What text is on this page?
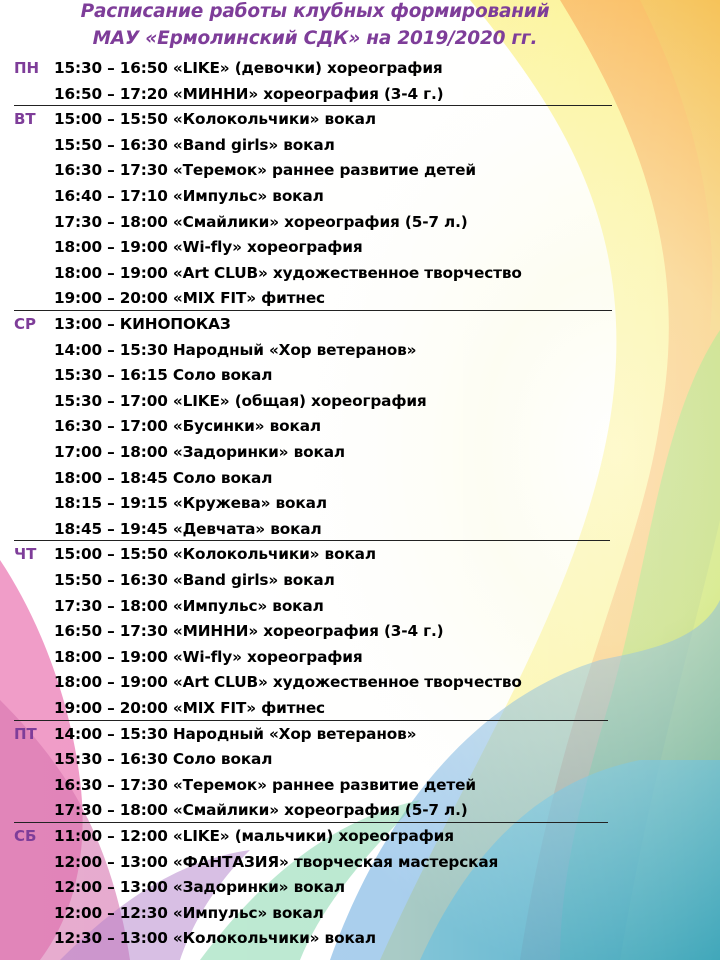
Расписание работы клубных формирований
МАУ «Ермолинский СДК» на 2019/2020 гг.
ПН 15:30 – 16:50 «LIKE» (девочки) хореография
16:50 – 17:20 «МИННИ» хореография (3-4 г.)
ВТ	15:00 – 15:50 «Колокольчики» вокал
15:50 – 16:30 «Band girls» вокал
16:30 – 17:30 «Теремок» раннее развитие детей
16:40 – 17:10 «Импульс» вокал
17:30 – 18:00 «Смайлики» хореография (5-7 л.)
18:00 – 19:00 «Wi-fly» хореография
18:00 – 19:00 «Art CLUB» художественное творчество
19:00 – 20:00 «MIX FIT» фитнес
СР	13:00 – КИНОПОКАЗ
14:00 – 15:30 Народный «Хор ветеранов»
15:30 – 16:15 Соло вокал
15:30 – 17:00 «LIKE» (общая) хореография
16:30 – 17:00 «Бусинки» вокал
17:00 – 18:00 «Задоринки» вокал
18:00 – 18:45 Соло вокал
18:15 – 19:15 «Кружева» вокал
18:45 – 19:45 «Девчата» вокал
ЧТ	15:00 – 15:50 «Колокольчики» вокал
15:50 – 16:30 «Band girls» вокал
17:30 – 18:00 «Импульс» вокал
16:50 – 17:30 «МИННИ» хореография (3-4 г.)
18:00 – 19:00 «Wi-fly» хореография
18:00 – 19:00 «Art CLUB» художественное творчество
19:00 – 20:00 «MIX FIT» фитнес
ПТ	14:00 – 15:30 Народный «Хор ветеранов»
15:30 – 16:30 Соло вокал
16:30 – 17:30 «Теремок» раннее развитие детей
17:30 – 18:00 «Смайлики» хореография (5-7 л.)
СБ	11:00 – 12:00 «LIKE» (мальчики) хореография
12:00 – 13:00 «ФАНТАЗИЯ» творческая мастерская
12:00 – 13:00 «Задоринки» вокал
12:00 – 12:30 «Импульс» вокал
12:30 – 13:00 «Колокольчики» вокал
